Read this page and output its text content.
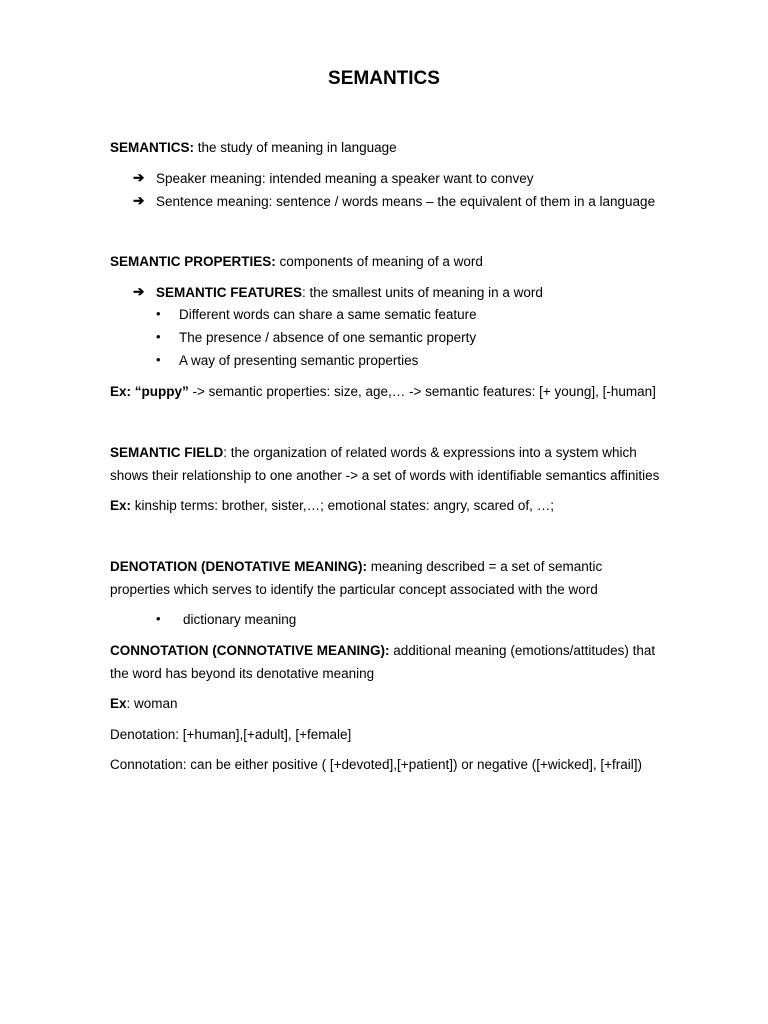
SEMANTICS
SEMANTICS: the study of meaning in language
➔ Speaker meaning: intended meaning a speaker want to convey
➔ Sentence meaning: sentence / words means – the equivalent of them in a language
SEMANTIC PROPERTIES: components of meaning of a word
➔ SEMANTIC FEATURES: the smallest units of meaning in a word
• Different words can share a same sematic feature
• The presence / absence of one semantic property
• A way of presenting semantic properties
Ex: “puppy” -> semantic properties: size, age,… -> semantic features: [+ young], [-human]
SEMANTIC FIELD: the organization of related words & expressions into a system which
shows their relationship to one another -> a set of words with identifiable semantics affinities
Ex: kinship terms: brother, sister,…; emotional states: angry, scared of, …;
DENOTATION (DENOTATIVE MEANING): meaning described = a set of semantic
properties which serves to identify the particular concept associated with the word
• dictionary meaning
CONNOTATION (CONNOTATIVE MEANING): additional meaning (emotions/attitudes) that
the word has beyond its denotative meaning
Ex: woman
Denotation: [+human],[+adult], [+female]
Connotation: can be either positive ( [+devoted],[+patient]) or negative ([+wicked], [+frail])
